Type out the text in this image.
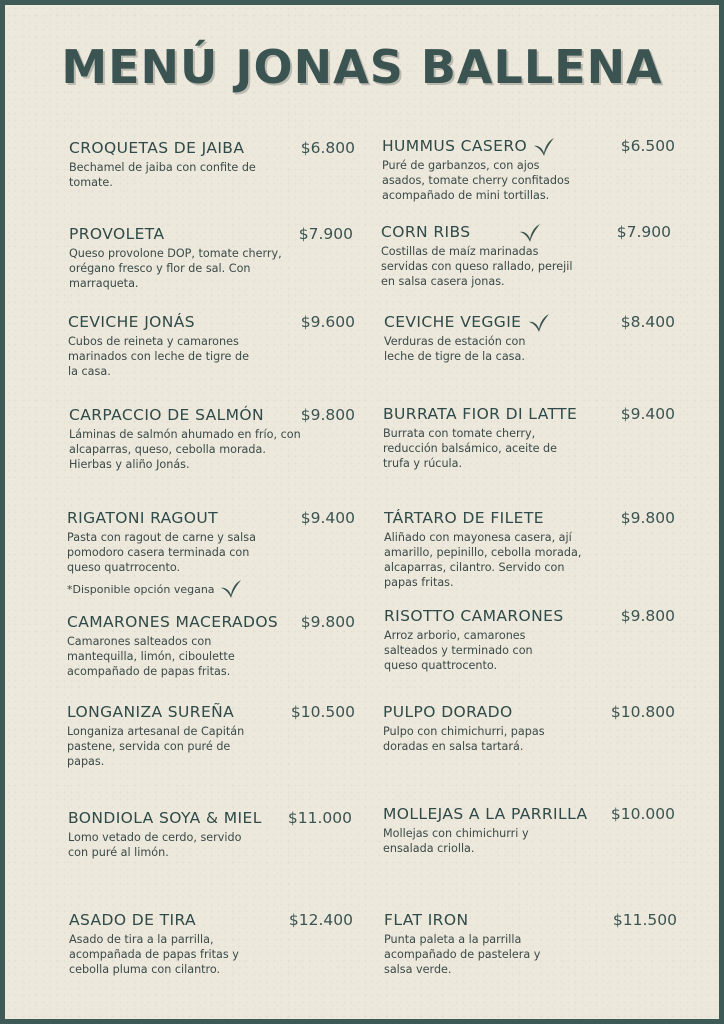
MENÚ JONAS BALLENA
CROQUETAS DE JAIBA	$6.800
Bechamel de jaiba con confite de tomate.
PROVOLETA	$7.900
Queso provolone DOP, tomate cherry, orégano fresco y flor de sal. Con marraqueta.
CEVICHE JONÁS	$9.600
Cubos de reineta y camarones marinados con leche de tigre de la casa.
CARPACCIO DE SALMÓN	$9.800
Láminas de salmón ahumado en frío, con alcaparras, queso, cebolla morada. Hierbas y aliño Jonás.
RIGATONI RAGOUT	$9.400
Pasta con ragout de carne y salsa pomodoro casera terminada con queso quatrrocento.
*Disponible opción vegana
CAMARONES MACERADOS	$9.800
Camarones salteados con mantequilla, limón, ciboulette acompañado de papas fritas.
LONGANIZA SUREÑA	$10.500
Longaniza artesanal de Capitán pastene, servida con puré de papas.
BONDIOLA SOYA & MIEL	$11.000
Lomo vetado de cerdo, servido con puré al limón.
ASADO DE TIRA	$12.400
Asado de tira a la parrilla, acompañada de papas fritas y cebolla pluma con cilantro.
HUMMUS CASERO	$6.500
Puré de garbanzos, con ajos asados, tomate cherry confitados acompañado de mini tortillas.
CORN RIBS	$7.900
Costillas de maíz marinadas servidas con queso rallado, perejil en salsa casera jonas.
CEVICHE VEGGIE	$8.400
Verduras de estación con leche de tigre de la casa.
BURRATA FIOR DI LATTE	$9.400
Burrata con tomate cherry, reducción balsámico, aceite de trufa y rúcula.
TÁRTARO DE FILETE	$9.800
Aliñado con mayonesa casera, ají amarillo, pepinillo, cebolla morada, alcaparras, cilantro. Servido con papas fritas.
RISOTTO CAMARONES	$9.800
Arroz arborio, camarones salteados y terminado con queso quattrocento.
PULPO DORADO	$10.800
Pulpo con chimichurri, papas doradas en salsa tartará.
MOLLEJAS A LA PARRILLA	$10.000
Mollejas con chimichurri y ensalada criolla.
FLAT IRON	$11.500
Punta paleta a la parrilla acompañado de pastelera y salsa verde.
